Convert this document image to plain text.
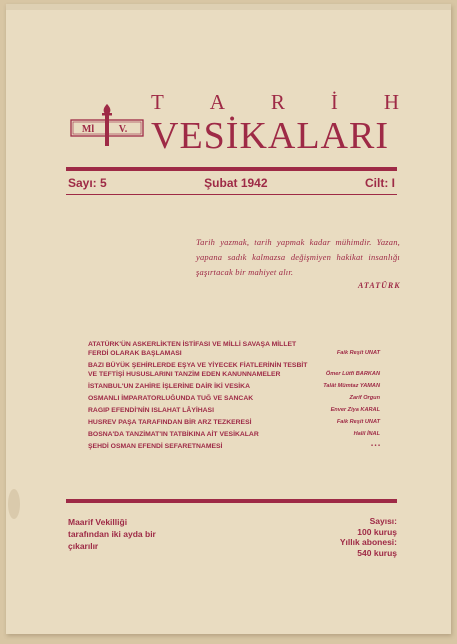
Ml V.
T A R İ H
VESİKALARI
Sayı: 5	Şubat 1942	Cilt: I
Tarih yazmak, tarih yapmak kadar mühimdir. Yazan, yapana sadık kalmazsa değişmiyen hakikat insanlığı şaşırtacak bir mahiyet alır.
ATATÜRK
ATATÜRK'ÜN ASKERLİKTEN İSTİFASI VE MİLLİ SAVAŞA MİLLET FERDİ OLARAK BAŞLAMASI	Faik Reşit UNAT
BAZI BÜYÜK ŞEHİRLERDE EŞYA VE YİYECEK FİATLERİNİN TESBİT VE TEFTİŞİ HUSUSLARINI TANZİM EDEN KANUNNAMELER	Ömer Lütfi BARKAN
İSTANBUL'UN ZAHİRE İŞLERİNE DAİR İKİ VESİKA	Talât Mümtaz YAMAN
OSMANLI İMPARATORLUĞUNDA TUĞ VE SANCAK	Zarif Orgun
RAGIP EFENDİ'NİN ISLAHAT LÂYİHASI	Enver Ziya KARAL
HUSREV PAŞA TARAFINDAN BİR ARZ TEZKERESİ	Faik Reşit UNAT
BOSNA'DA TANZİMAT'IN TATBİKINA AİT VESİKALAR	Halil İNAL
ŞEHDİ OSMAN EFENDİ SEFARETNAMESİ	• • •
Maarif Vekilliği tarafından iki ayda bir çıkarılır
Sayısı:
100 kuruş
Yıllık abonesi:
540 kuruş
